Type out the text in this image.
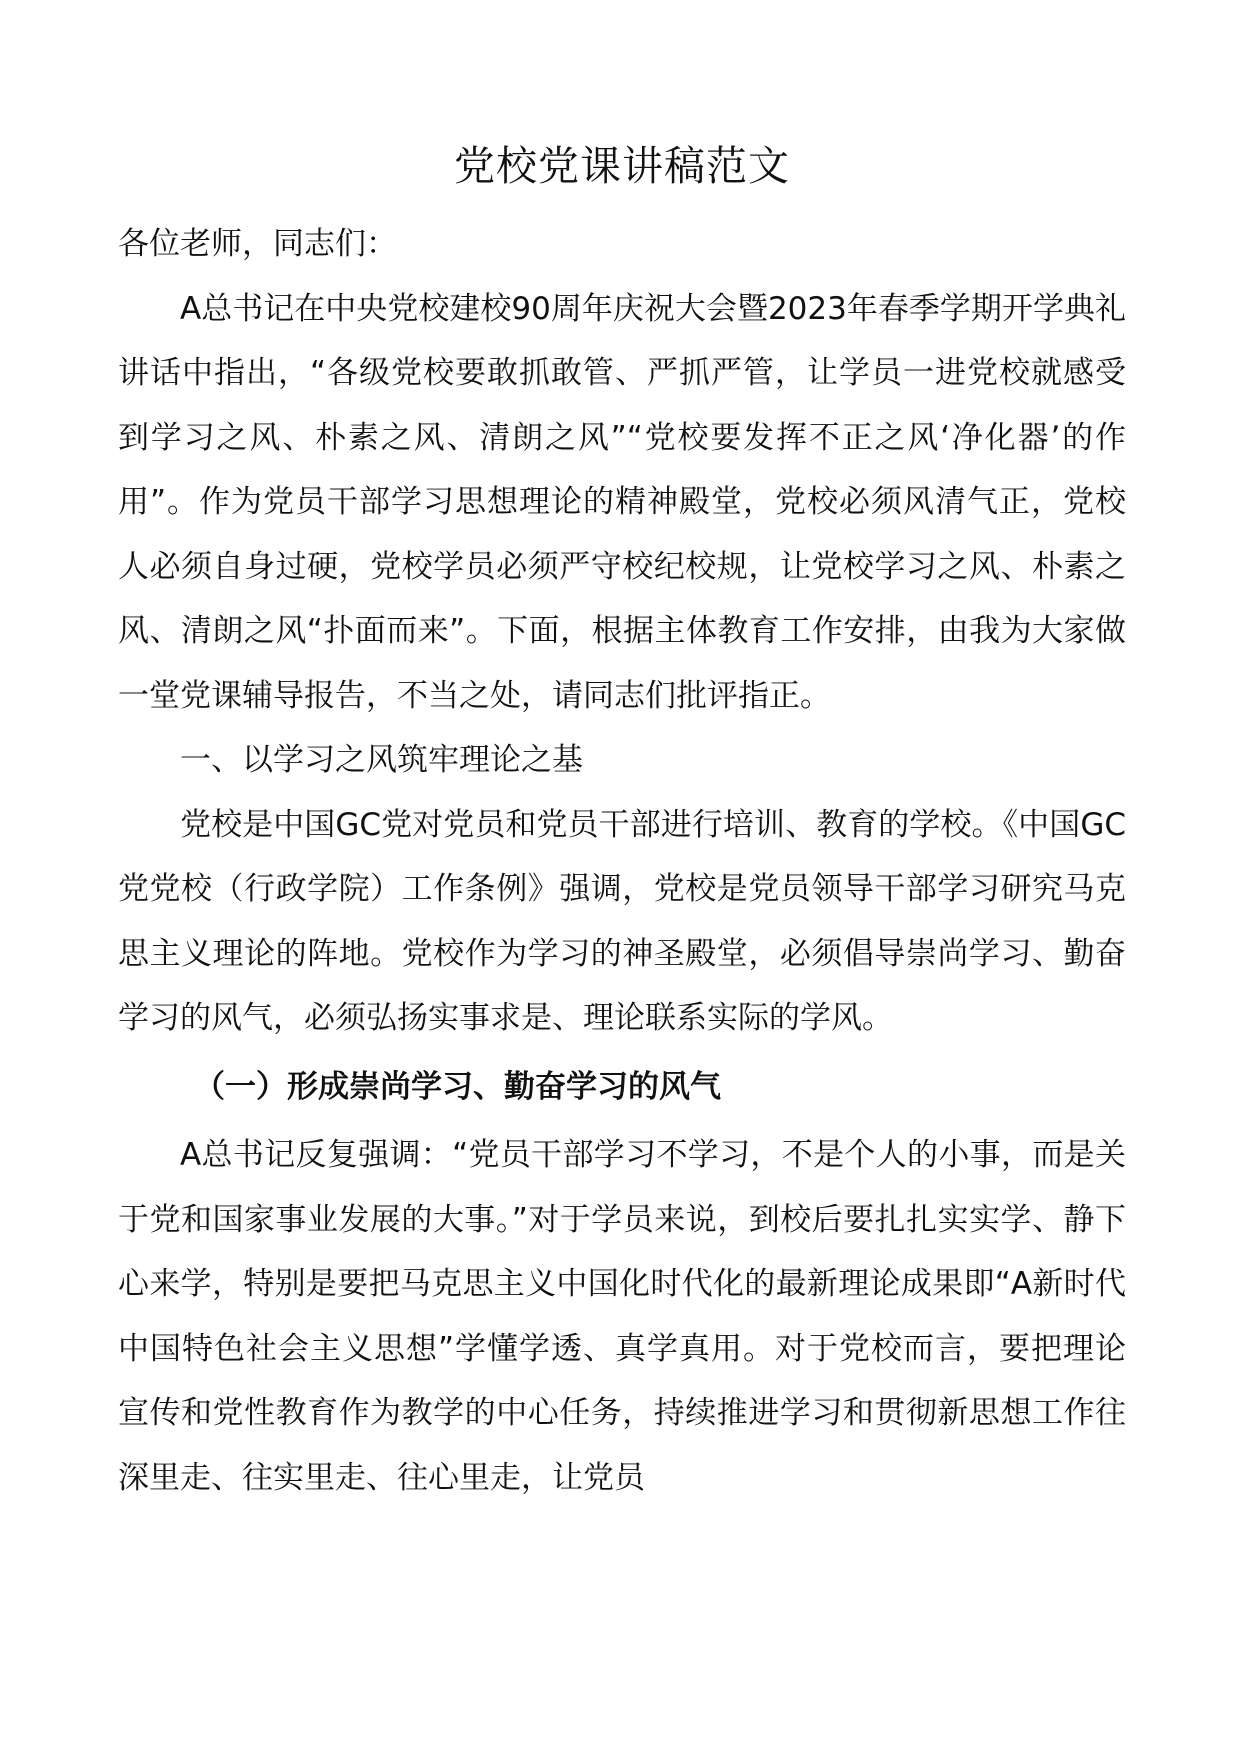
党校党课讲稿范文

各位老师，同志们：

A总书记在中央党校建校90周年庆祝大会暨2023年春季学期开学典礼讲话中指出，“各级党校要敢抓敢管、严抓严管，让学员一进党校就感受到学习之风、朴素之风、清朗之风”“党校要发挥不正之风‘净化器’的作用”。作为党员干部学习思想理论的精神殿堂，党校必须风清气正，党校人必须自身过硬，党校学员必须严守校纪校规，让党校学习之风、朴素之风、清朗之风“扑面而来”。下面，根据主体教育工作安排，由我为大家做一堂党课辅导报告，不当之处，请同志们批评指正。

一、以学习之风筑牢理论之基

党校是中国GC党对党员和党员干部进行培训、教育的学校。《中国GC党党校（行政学院）工作条例》强调，党校是党员领导干部学习研究马克思主义理论的阵地。党校作为学习的神圣殿堂，必须倡导崇尚学习、勤奋学习的风气，必须弘扬实事求是、理论联系实际的学风。

（一）形成崇尚学习、勤奋学习的风气

A总书记反复强调：“党员干部学习不学习，不是个人的小事，而是关于党和国家事业发展的大事。”对于学员来说，到校后要扎扎实实学、静下心来学，特别是要把马克思主义中国化时代化的最新理论成果即“A新时代中国特色社会主义思想”学懂学透、真学真用。对于党校而言，要把理论宣传和党性教育作为教学的中心任务，持续推进学习和贯彻新思想工作往深里走、往实里走、往心里走，让党员
